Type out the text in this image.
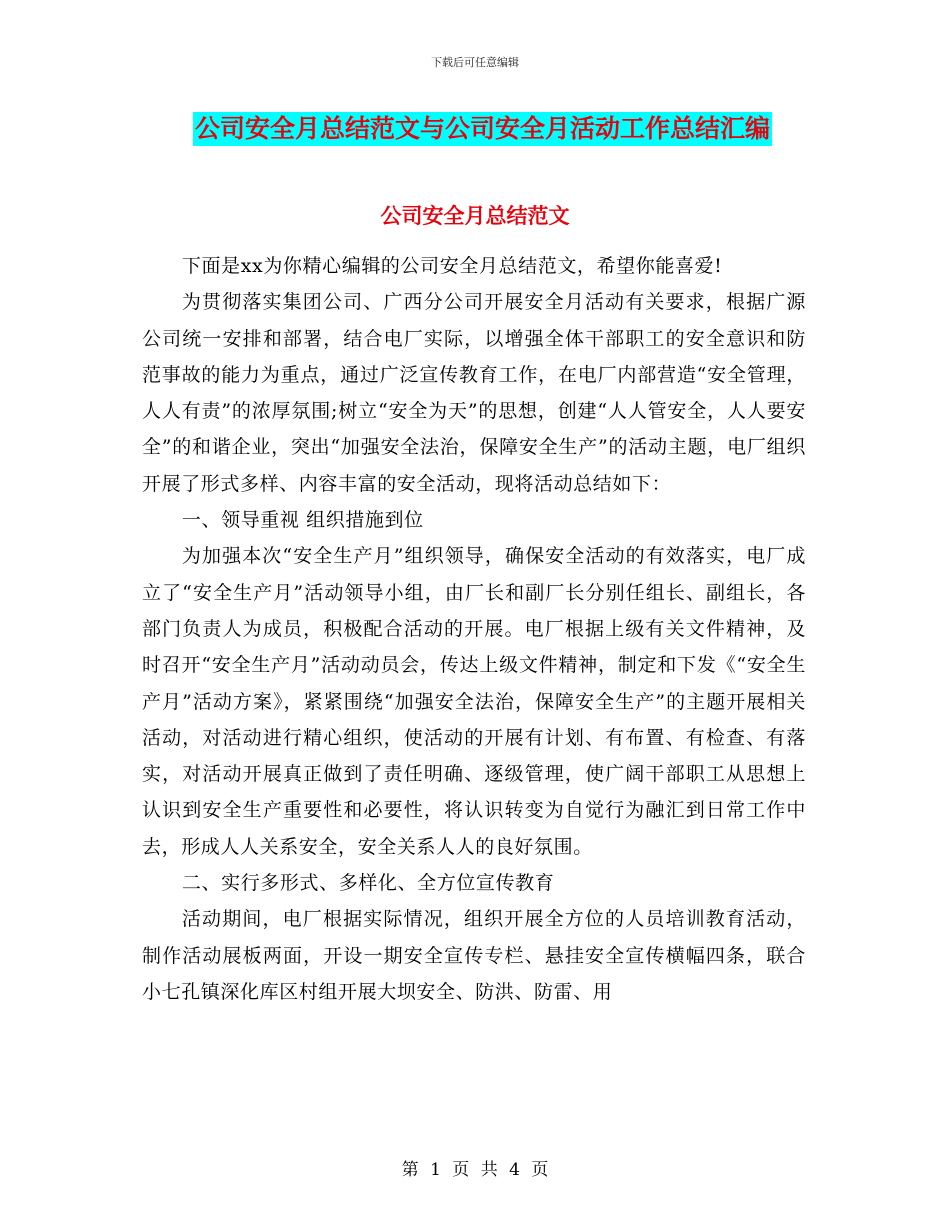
下载后可任意编辑
公司安全月总结范文与公司安全月活动工作总结汇编
公司安全月总结范文

下面是xx为你精心编辑的公司安全月总结范文，希望你能喜爱!

为贯彻落实集团公司、广西分公司开展安全月活动有关要求，根据广源公司统一安排和部署，结合电厂实际，以增强全体干部职工的安全意识和防范事故的能力为重点，通过广泛宣传教育工作，在电厂内部营造“安全管理，人人有责”的浓厚氛围;树立“安全为天”的思想，创建“人人管安全，人人要安全”的和谐企业，突出“加强安全法治，保障安全生产”的活动主题，电厂组织开展了形式多样、内容丰富的安全活动，现将活动总结如下：

一、领导重视 组织措施到位

为加强本次“安全生产月”组织领导，确保安全活动的有效落实，电厂成立了“安全生产月”活动领导小组，由厂长和副厂长分别任组长、副组长，各部门负责人为成员，积极配合活动的开展。电厂根据上级有关文件精神，及时召开“安全生产月”活动动员会，传达上级文件精神，制定和下发《“安全生产月”活动方案》，紧紧围绕“加强安全法治，保障安全生产”的主题开展相关活动，对活动进行精心组织，使活动的开展有计划、有布置、有检查、有落实，对活动开展真正做到了责任明确、逐级管理，使广阔干部职工从思想上认识到安全生产重要性和必要性，将认识转变为自觉行为融汇到日常工作中去，形成人人关系安全，安全关系人人的良好氛围。

二、实行多形式、多样化、全方位宣传教育

活动期间，电厂根据实际情况，组织开展全方位的人员培训教育活动，制作活动展板两面，开设一期安全宣传专栏、悬挂安全宣传横幅四条，联合小七孔镇深化库区村组开展大坝安全、防洪、防雷、用

第 1 页 共 4 页
